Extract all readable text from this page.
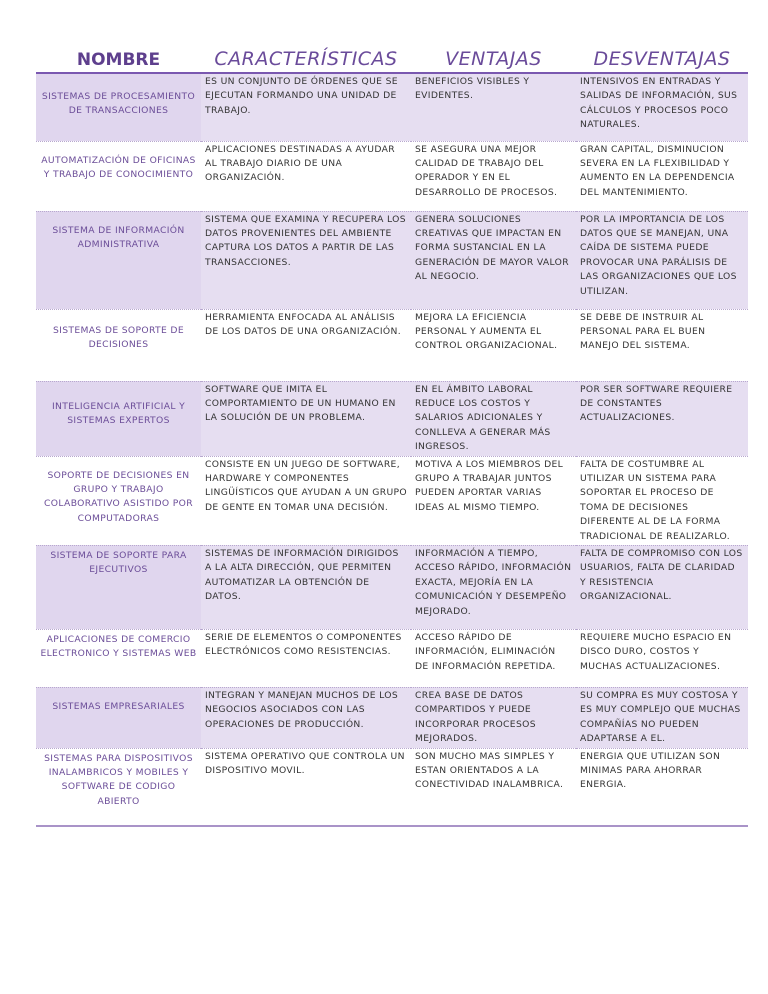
NOMBRE	CARACTERÍSTICAS	VENTAJAS	DESVENTAJAS
SISTEMAS DE PROCESAMIENTO DE TRANSACCIONES	ES UN CONJUNTO DE ÓRDENES QUE SE EJECUTAN FORMANDO UNA UNIDAD DE TRABAJO.	BENEFICIOS VISIBLES Y EVIDENTES.	INTENSIVOS EN ENTRADAS Y SALIDAS DE INFORMACIÓN, SUS CÁLCULOS Y PROCESOS POCO NATURALES.
AUTOMATIZACIÓN DE OFICINAS Y TRABAJO DE CONOCIMIENTO	APLICACIONES DESTINADAS A AYUDAR AL TRABAJO DIARIO DE UNA ORGANIZACIÓN.	SE ASEGURA UNA MEJOR CALIDAD DE TRABAJO DEL OPERADOR Y EN EL DESARROLLO DE PROCESOS.	GRAN CAPITAL, DISMINUCION SEVERA EN LA FLEXIBILIDAD Y AUMENTO EN LA DEPENDENCIA DEL MANTENIMIENTO.
SISTEMA DE INFORMACIÓN ADMINISTRATIVA	SISTEMA QUE EXAMINA Y RECUPERA LOS DATOS PROVENIENTES DEL AMBIENTE CAPTURA LOS DATOS A PARTIR DE LAS TRANSACCIONES.	GENERA SOLUCIONES CREATIVAS QUE IMPACTAN EN FORMA SUSTANCIAL EN LA GENERACIÓN DE MAYOR VALOR AL NEGOCIO.	POR LA IMPORTANCIA DE LOS DATOS QUE SE MANEJAN, UNA CAÍDA DE SISTEMA PUEDE PROVOCAR UNA PARÁLISIS DE LAS ORGANIZACIONES QUE LOS UTILIZAN.
SISTEMAS DE SOPORTE DE DECISIONES	HERRAMIENTA ENFOCADA AL ANÁLISIS DE LOS DATOS DE UNA ORGANIZACIÓN.	MEJORA LA EFICIENCIA PERSONAL Y AUMENTA EL CONTROL ORGANIZACIONAL.	SE DEBE DE INSTRUIR AL PERSONAL PARA EL BUEN MANEJO DEL SISTEMA.
INTELIGENCIA ARTIFICIAL Y SISTEMAS EXPERTOS	SOFTWARE QUE IMITA EL COMPORTAMIENTO DE UN HUMANO EN LA SOLUCIÓN DE UN PROBLEMA.	EN EL ÁMBITO LABORAL REDUCE LOS COSTOS Y SALARIOS ADICIONALES Y CONLLEVA A GENERAR MÁS INGRESOS.	POR SER SOFTWARE REQUIERE DE CONSTANTES ACTUALIZACIONES.
SOPORTE DE DECISIONES EN GRUPO Y TRABAJO COLABORATIVO ASISTIDO POR COMPUTADORAS	CONSISTE EN UN JUEGO DE SOFTWARE, HARDWARE Y COMPONENTES LINGÜÍSTICOS QUE AYUDAN A UN GRUPO DE GENTE EN TOMAR UNA DECISIÓN.	MOTIVA A LOS MIEMBROS DEL GRUPO A TRABAJAR JUNTOS PUEDEN APORTAR VARIAS IDEAS AL MISMO TIEMPO.	FALTA DE COSTUMBRE AL UTILIZAR UN SISTEMA PARA SOPORTAR EL PROCESO DE TOMA DE DECISIONES DIFERENTE AL DE LA FORMA TRADICIONAL DE REALIZARLO.
SISTEMA DE SOPORTE PARA EJECUTIVOS	SISTEMAS DE INFORMACIÓN DIRIGIDOS A LA ALTA DIRECCIÓN, QUE PERMITEN AUTOMATIZAR LA OBTENCIÓN DE DATOS.	INFORMACIÓN A TIEMPO, ACCESO RÁPIDO, INFORMACIÓN EXACTA, MEJORÍA EN LA COMUNICACIÓN Y DESEMPEÑO MEJORADO.	FALTA DE COMPROMISO CON LOS USUARIOS, FALTA DE CLARIDAD Y RESISTENCIA ORGANIZACIONAL.
APLICACIONES DE COMERCIO ELECTRONICO Y SISTEMAS WEB	SERIE DE ELEMENTOS O COMPONENTES ELECTRÓNICOS COMO RESISTENCIAS.	ACCESO RÁPIDO DE INFORMACIÓN, ELIMINACIÓN DE INFORMACIÓN REPETIDA.	REQUIERE MUCHO ESPACIO EN DISCO DURO, COSTOS Y MUCHAS ACTUALIZACIONES.
SISTEMAS EMPRESARIALES	INTEGRAN Y MANEJAN MUCHOS DE LOS NEGOCIOS ASOCIADOS CON LAS OPERACIONES DE PRODUCCIÓN.	CREA BASE DE DATOS COMPARTIDOS Y PUEDE INCORPORAR PROCESOS MEJORADOS.	SU COMPRA ES MUY COSTOSA Y ES MUY COMPLEJO QUE MUCHAS COMPAÑÍAS NO PUEDEN ADAPTARSE A EL.
SISTEMAS PARA DISPOSITIVOS INALAMBRICOS Y MOBILES Y SOFTWARE DE CODIGO ABIERTO	SISTEMA OPERATIVO QUE CONTROLA UN DISPOSITIVO MOVIL.	SON MUCHO MAS SIMPLES Y ESTAN ORIENTADOS A LA CONECTIVIDAD INALAMBRICA.	ENERGIA QUE UTILIZAN SON MINIMAS PARA AHORRAR ENERGIA.
